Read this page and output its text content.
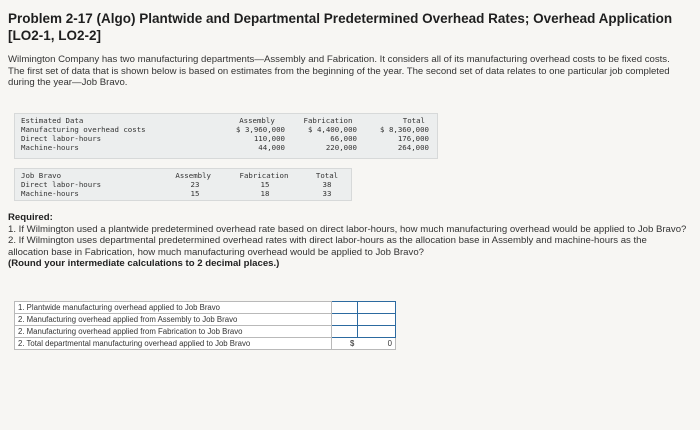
Problem 2-17 (Algo) Plantwide and Departmental Predetermined Overhead Rates; Overhead Application [LO2-1, LO2-2]
Wilmington Company has two manufacturing departments—Assembly and Fabrication. It considers all of its manufacturing overhead costs to be fixed costs. The first set of data that is shown below is based on estimates from the beginning of the year. The second set of data relates to one particular job completed during the year—Job Bravo.
Estimated Data	Assembly	Fabrication	Total
Manufacturing overhead costs	$ 3,960,000	$ 4,400,000	$ 8,360,000
Direct labor-hours	110,000	66,000	176,000
Machine-hours	44,000	220,000	264,000
Job Bravo	Assembly	Fabrication	Total
Direct labor-hours	23	15	38
Machine-hours	15	18	33
Required:
1. If Wilmington used a plantwide predetermined overhead rate based on direct labor-hours, how much manufacturing overhead would be applied to Job Bravo?
2. If Wilmington uses departmental predetermined overhead rates with direct labor-hours as the allocation base in Assembly and machine-hours as the allocation base in Fabrication, how much manufacturing overhead would be applied to Job Bravo?
(Round your intermediate calculations to 2 decimal places.)
1. Plantwide manufacturing overhead applied to Job Bravo		
2. Manufacturing overhead applied from Assembly to Job Bravo		
2. Manufacturing overhead applied from Fabrication to Job Bravo		
2. Total departmental manufacturing overhead applied to Job Bravo	$	0
